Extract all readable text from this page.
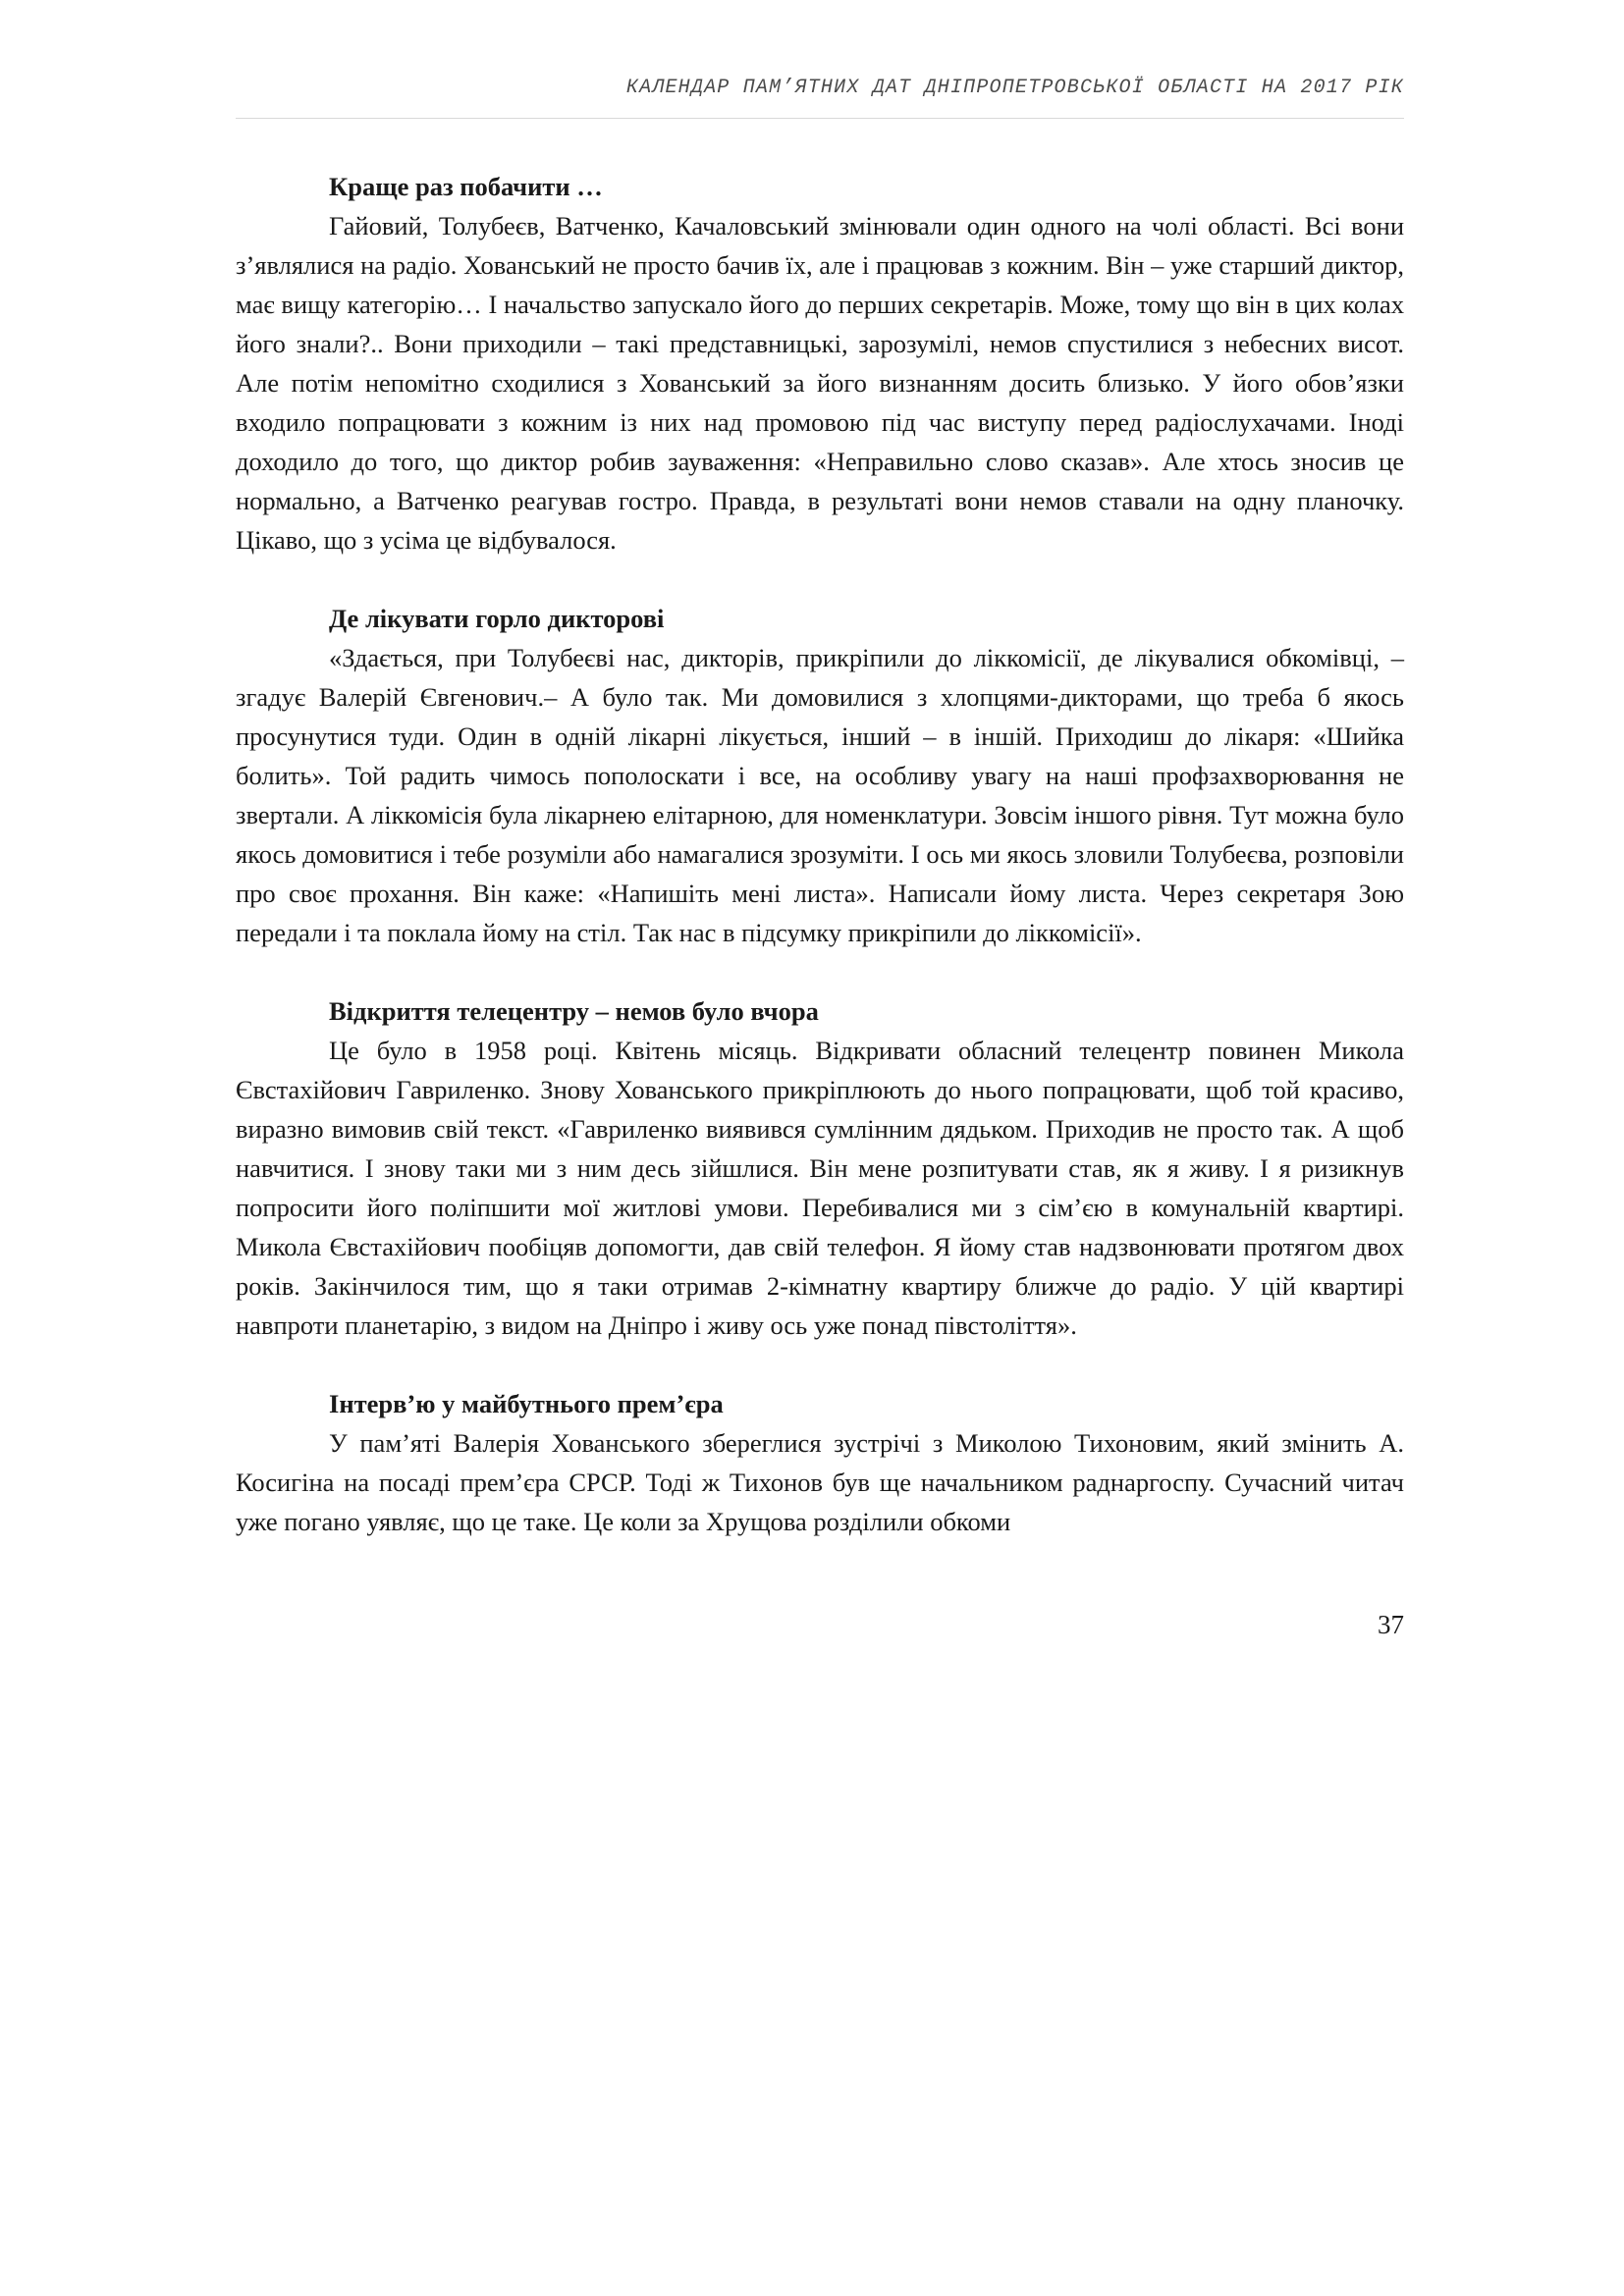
КАЛЕНДАР ПАМ’ЯТНИХ ДАТ ДНІПРОПЕТРОВСЬКОЇ ОБЛАСТІ НА 2017 РІК

Краще раз побачити …

Гайовий, Толубеєв, Ватченко, Качаловський змінювали один одного на чолі області. Всі вони з’являлися на радіо. Хованський не просто бачив їх, але і працював з кожним. Він – уже старший диктор, має вищу категорію… І начальство запускало його до перших секретарів. Може, тому що він в цих колах його знали?.. Вони приходили – такі представницькі, зарозумілі, немов спустилися з небесних висот. Але потім непомітно сходилися з Хованський за його визнанням досить близько. У його обов’язки входило попрацювати з кожним із них над промовою під час виступу перед радіослухачами. Іноді доходило до того, що диктор робив зауваження: «Неправильно слово сказав». Але хтось зносив це нормально, а Ватченко реагував гостро. Правда, в результаті вони немов ставали на одну планочку. Цікаво, що з усіма це відбувалося.

Де лікувати горло дикторові

«Здається, при Толубеєві нас, дикторів, прикріпили до ліккомісії, де лікувалися обкомівці, – згадує Валерій Євгенович.– А було так. Ми домовилися з хлопцями-дикторами, що треба б якось просунутися туди. Один в одній лікарні лікується, інший – в іншій. Приходиш до лікаря: «Шийка болить». Той радить чимось пополоскати і все, на особливу увагу на наші профзахворювання не звертали. А ліккомісія була лікарнею елітарною, для номенклатури. Зовсім іншого рівня. Тут можна було якось домовитися і тебе розуміли або намагалися зрозуміти. І ось ми якось зловили Толубеєва, розповіли про своє прохання. Він каже: «Напишіть мені листа». Написали йому листа. Через секретаря Зою передали і та поклала йому на стіл. Так нас в підсумку прикріпили до ліккомісії».

Відкриття телецентру – немов було вчора

Це було в 1958 році. Квітень місяць. Відкривати обласний телецентр повинен Микола Євстахійович Гавриленко. Знову Хованського прикріплюють до нього попрацювати, щоб той красиво, виразно вимовив свій текст. «Гавриленко виявився сумлінним дядьком. Приходив не просто так. А щоб навчитися. І знову таки ми з ним десь зійшлися. Він мене розпитувати став, як я живу. І я ризикнув попросити його поліпшити мої житлові умови. Перебивалися ми з сім’єю в комунальній квартирі. Микола Євстахійович пообіцяв допомогти, дав свій телефон. Я йому став надзвонювати протягом двох років. Закінчилося тим, що я таки отримав 2-кімнатну квартиру ближче до радіо. У цій квартирі навпроти планетарію, з видом на Дніпро і живу ось уже понад півстоліття».

Інтерв’ю у майбутнього прем’єра

У пам’яті Валерія Хованського збереглися зустрічі з Миколою Тихоновим, який змінить А. Косигіна на посаді прем’єра СРСР. Тоді ж Тихонов був ще начальником раднаргоспу. Сучасний читач уже погано уявляє, що це таке. Це коли за Хрущова розділили обкоми

37
